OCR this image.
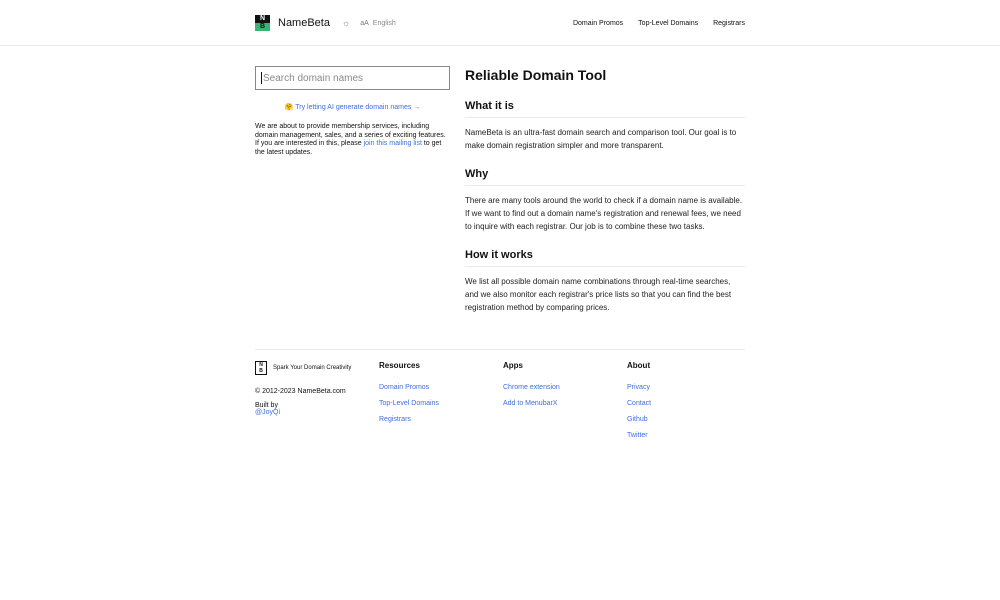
N
B	NameBeta ☼ aA English	Domain Promos Top-Level Domains Registrars
Search domain names
🤗 Try letting AI generate domain names →

We are about to provide membership services, including domain management, sales, and a series of exciting features. If you are interested in this, please join this mailing list to get the latest updates.

Reliable Domain Tool
What it is

NameBeta is an ultra-fast domain search and comparison tool. Our goal is to make domain registration simpler and more transparent.

Why

There are many tools around the world to check if a domain name is available. If we want to find out a domain name's registration and renewal fees, we need to inquire with each registrar. Our job is to combine these two tasks.

How it works

We list all possible domain name combinations through real-time searches, and we also monitor each registrar's price lists so that you can find the best registration method by comparing prices.

N
B	Spark Your Domain Creativity
© 2012-2023 NameBeta.com
Built by
@JoyQi
Resources
Domain Promos
Top-Level Domains
Registrars
Apps
Chrome extension
Add to MenubarX
About
Privacy
Contact
Github
Twitter
